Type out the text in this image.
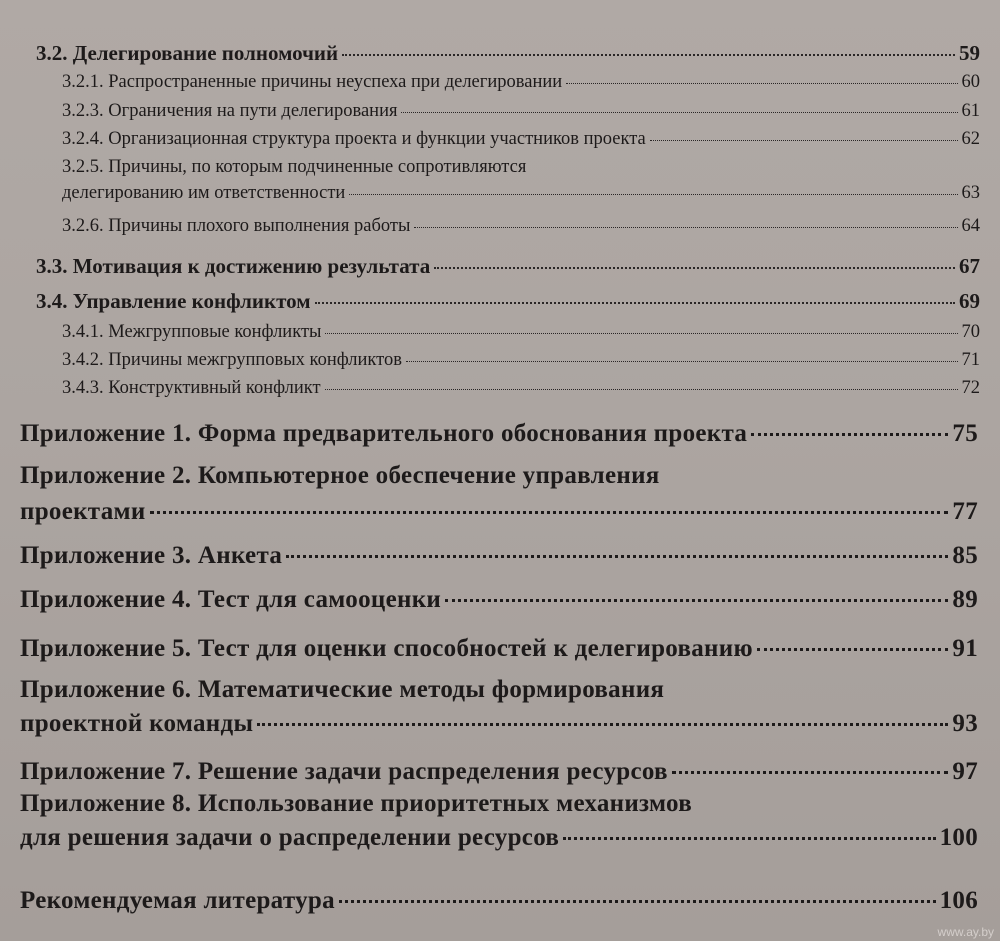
3.2. Делегирование полномочий	59
3.2.1. Распространенные причины неуспеха при делегировании	60
3.2.3. Ограничения на пути делегирования	61
3.2.4. Организационная структура проекта и функции участников проекта	62
3.2.5. Причины, по которым подчиненные сопротивляются
делегированию им ответственности	63
3.2.6. Причины плохого выполнения работы	64
3.3. Мотивация к достижению результата	67
3.4. Управление конфликтом	69
3.4.1. Межгрупповые конфликты	70
3.4.2. Причины межгрупповых конфликтов	71
3.4.3. Конструктивный конфликт	72
Приложение 1. Форма предварительного обоснования проекта	75
Приложение 2. Компьютерное обеспечение управления
проектами	77
Приложение 3. Анкета	85
Приложение 4. Тест для самооценки	89
Приложение 5. Тест для оценки способностей к делегированию	91
Приложение 6. Математические методы формирования
проектной команды	93
Приложение 7. Решение задачи распределения ресурсов	97
Приложение 8. Использование приоритетных механизмов
для решения задачи о распределении ресурсов	100
Рекомендуемая литература	106
www.ay.by
